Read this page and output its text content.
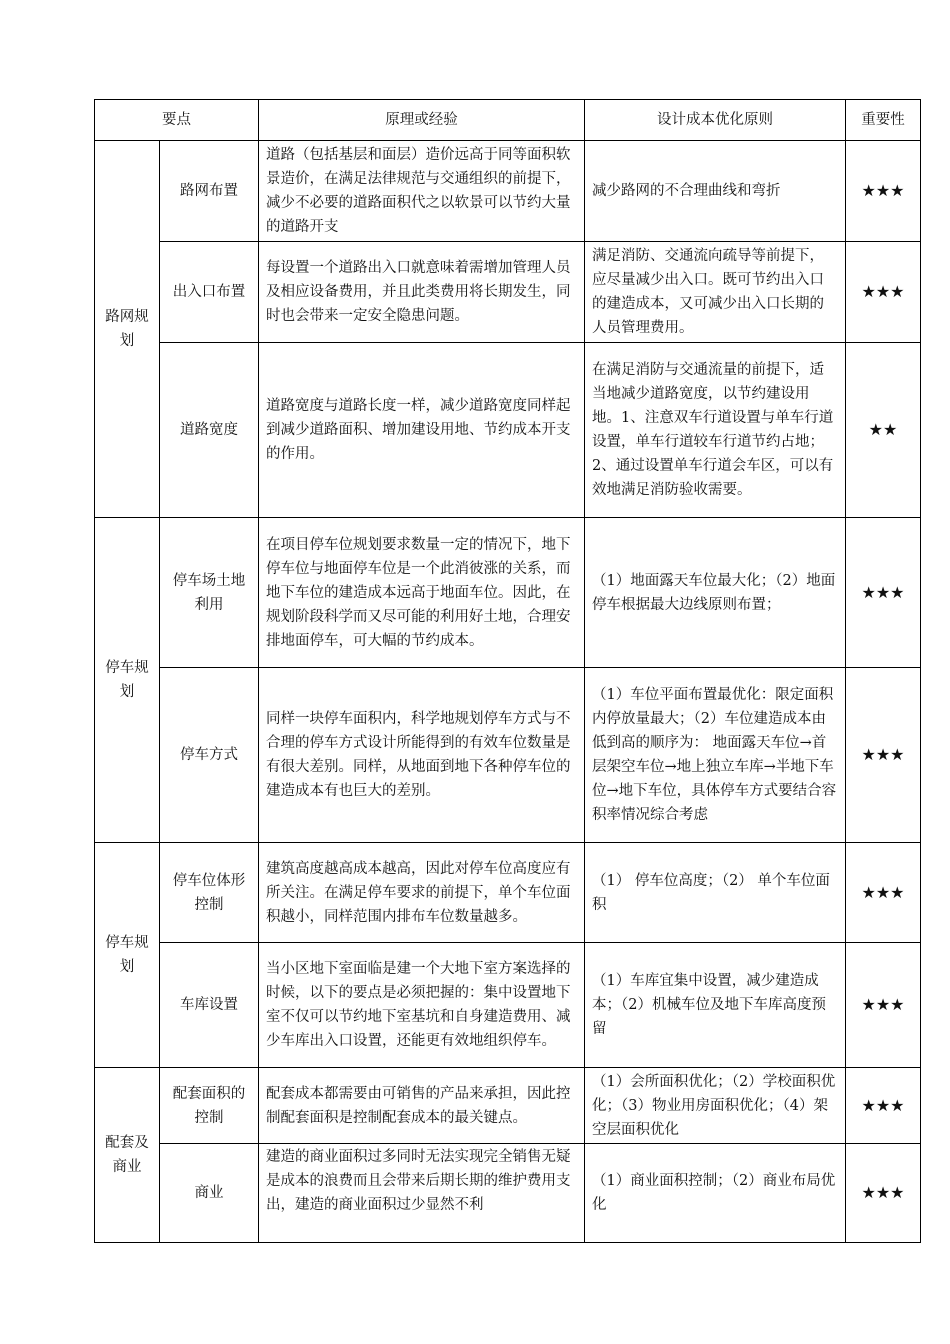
要点		原理或经验	设计成本优化原则	重要性
路网规划	路网布置	道路（包括基层和面层）造价远高于同等面积软景造价，在满足法律规范与交通组织的前提下，减少不必要的道路面积代之以软景可以节约大量的道路开支	减少路网的不合理曲线和弯折	★★★
	出入口布置	每设置一个道路出入口就意味着需增加管理人员及相应设备费用，并且此类费用将长期发生，同时也会带来一定安全隐患问题。	满足消防、交通流向疏导等前提下，应尽量减少出入口。既可节约出入口的建造成本，又可减少出入口长期的人员管理费用。	★★★
	道路宽度	道路宽度与道路长度一样，减少道路宽度同样起到减少道路面积、增加建设用地、节约成本开支的作用。	在满足消防与交通流量的前提下，适当地减少道路宽度，以节约建设用地。1、注意双车行道设置与单车行道设置，单车行道较车行道节约占地；2、通过设置单车行道会车区，可以有效地满足消防验收需要。	★★
停车规划	停车场土地利用	在项目停车位规划要求数量一定的情况下，地下停车位与地面停车位是一个此消彼涨的关系，而地下车位的建造成本远高于地面车位。因此，在规划阶段科学而又尽可能的利用好土地，合理安排地面停车，可大幅的节约成本。	（1）地面露天车位最大化；（2）地面停车根据最大边线原则布置；	★★★
	停车方式	同样一块停车面积内，科学地规划停车方式与不合理的停车方式设计所能得到的有效车位数量是有很大差别。同样，从地面到地下各种停车位的建造成本有也巨大的差别。	（1）车位平面布置最优化：限定面积内停放量最大；（2）车位建造成本由低到高的顺序为： 地面露天车位→首层架空车位→地上独立车库→半地下车位→地下车位，具体停车方式要结合容积率情况综合考虑	★★★
停车规划	停车位体形控制	建筑高度越高成本越高，因此对停车位高度应有所关注。在满足停车要求的前提下，单个车位面积越小，同样范围内排布车位数量越多。	（1） 停车位高度；（2） 单个车位面积	★★★
	车库设置	当小区地下室面临是建一个大地下室方案选择的时候，以下的要点是必须把握的：集中设置地下室不仅可以节约地下室基坑和自身建造费用、减少车库出入口设置，还能更有效地组织停车。	（1）车库宜集中设置，减少建造成本；（2）机械车位及地下车库高度预留	★★★
配套及商业	配套面积的控制	配套成本都需要由可销售的产品来承担，因此控制配套面积是控制配套成本的最关键点。	（1）会所面积优化；（2）学校面积优化；（3）物业用房面积优化；（4）架空层面积优化	★★★
	商业	建造的商业面积过多同时无法实现完全销售无疑是成本的浪费而且会带来后期长期的维护费用支出，建造的商业面积过少显然不利	（1）商业面积控制；（2）商业布局优化	★★★
